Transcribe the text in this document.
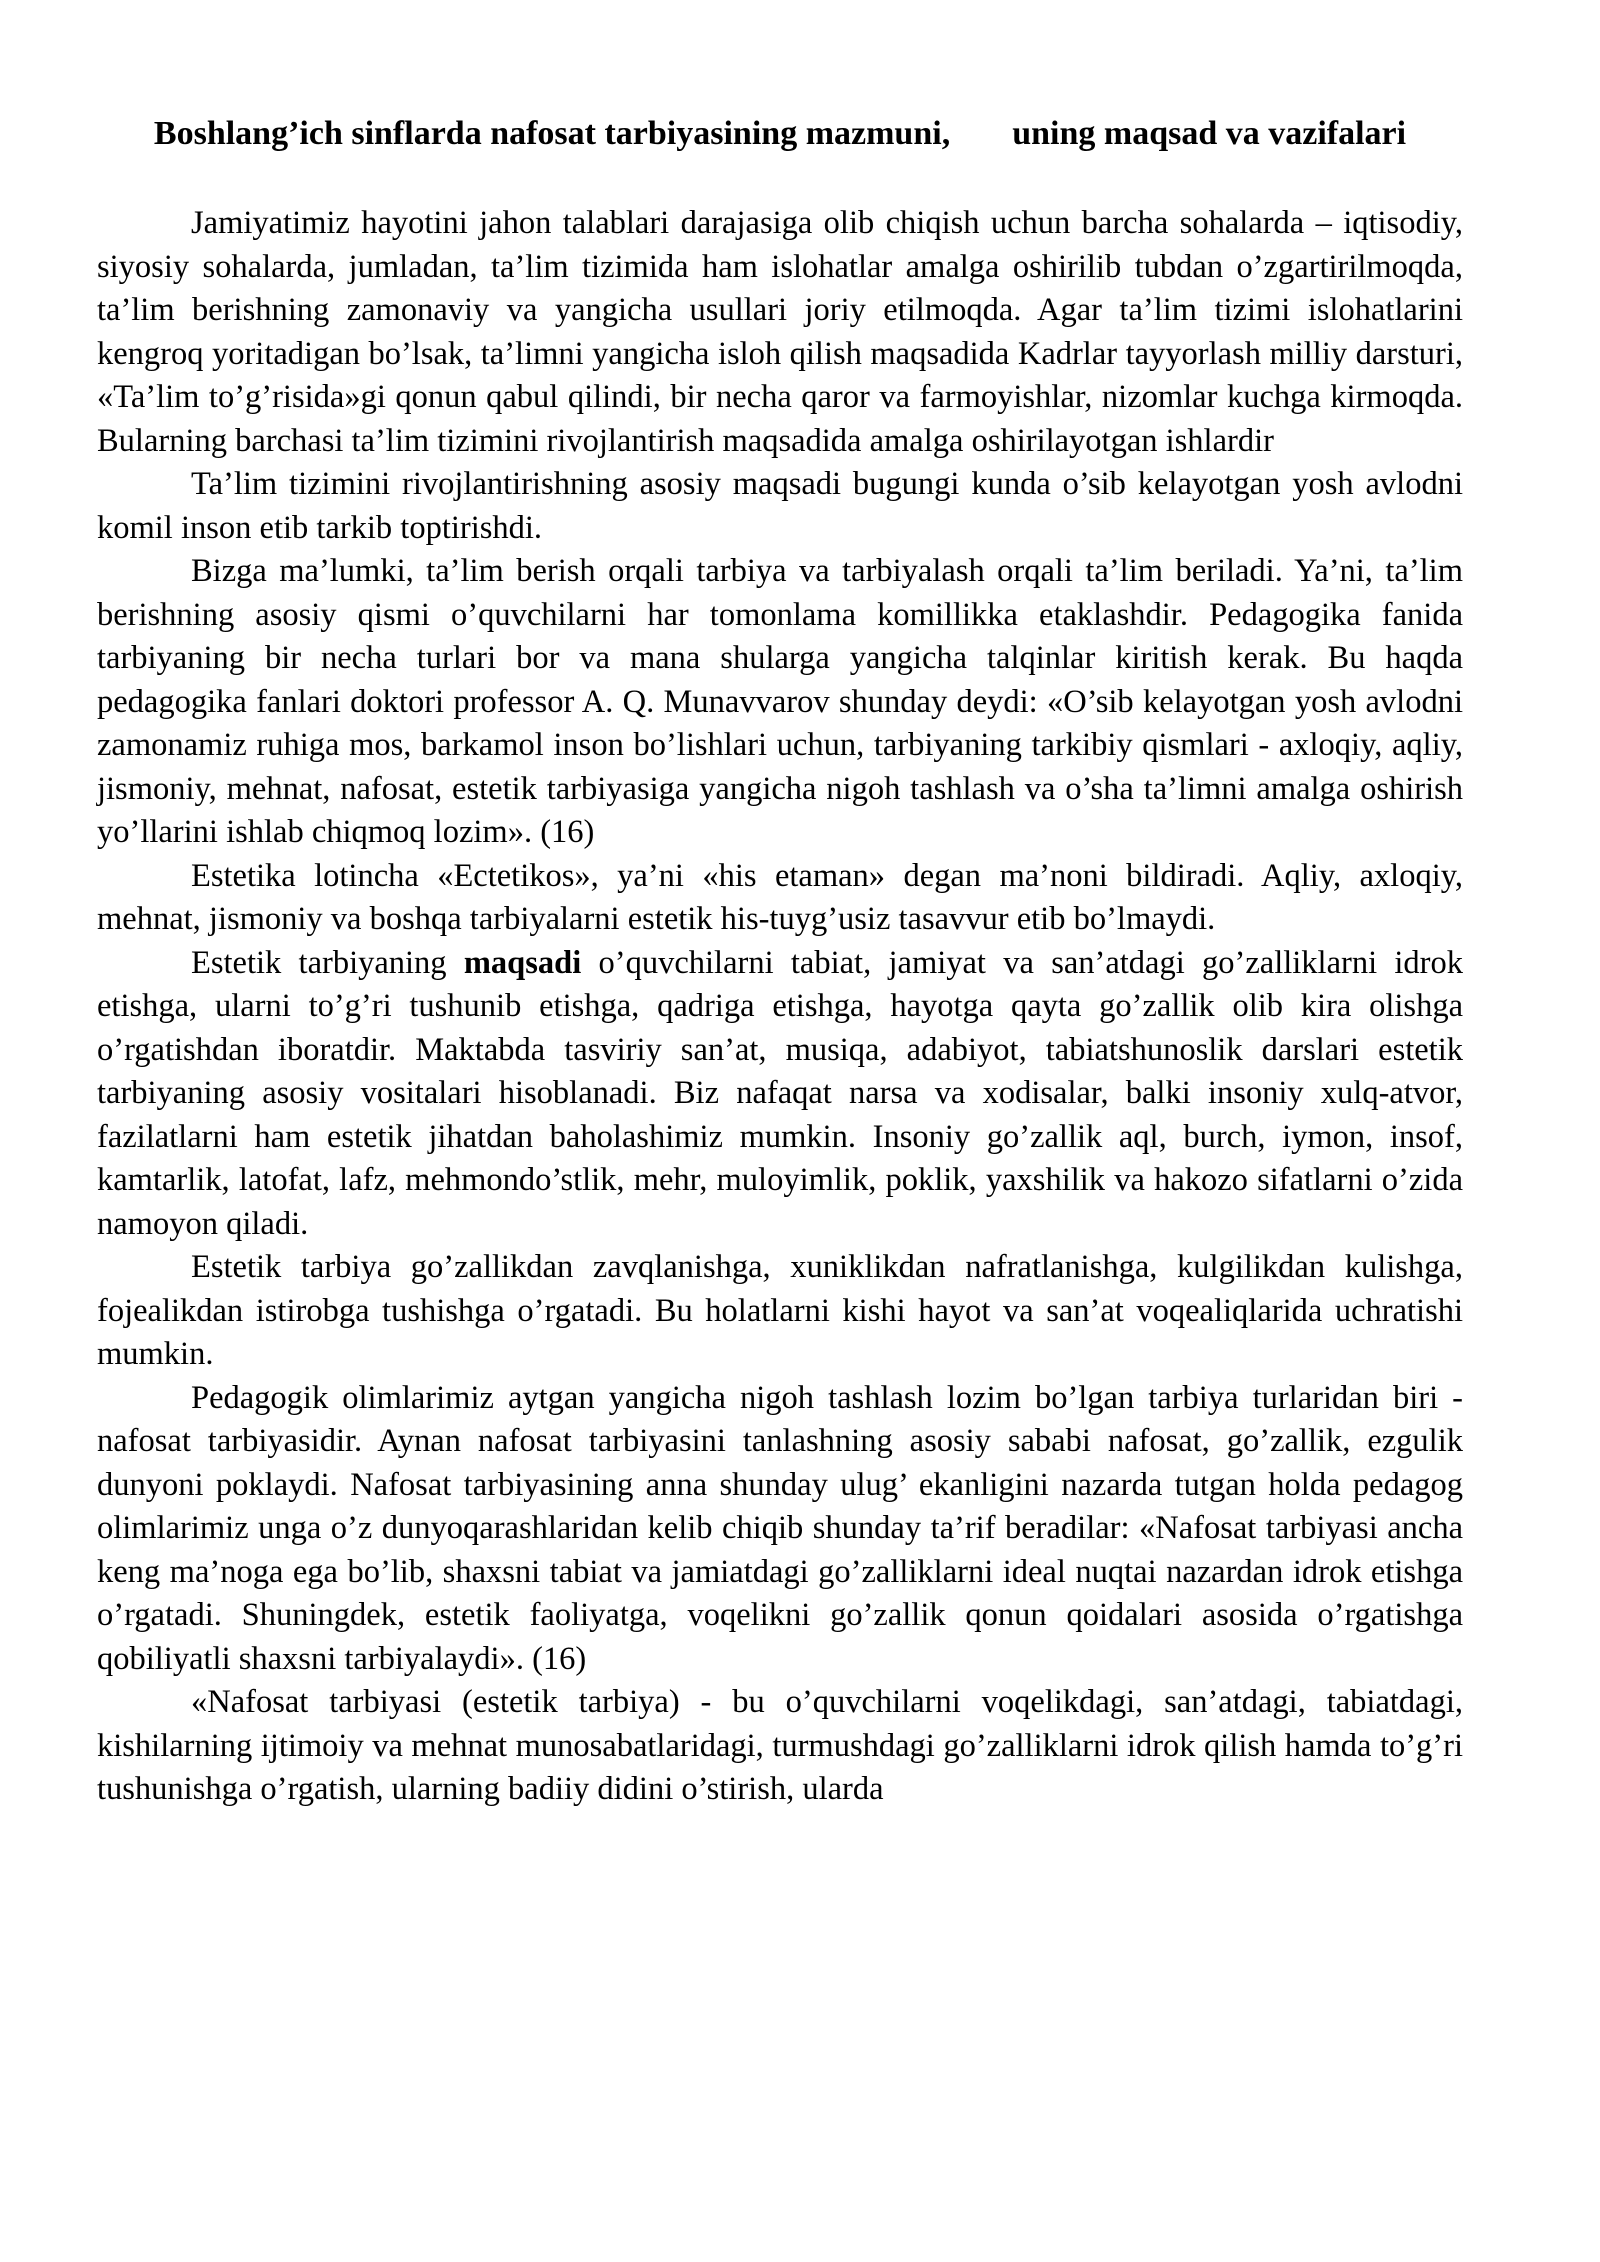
Boshlang’ich sinflarda nafosat tarbiyasining mazmuni, uning maqsad va vazifalari

Jamiyatimiz hayotini jahon talablari darajasiga olib chiqish uchun barcha sohalarda – iqtisodiy, siyosiy sohalarda, jumladan, ta’lim tizimida ham islohatlar amalga oshirilib tubdan o’zgartirilmoqda, ta’lim berishning zamonaviy va yangicha usullari joriy etilmoqda. Agar ta’lim tizimi islohatlarini kengroq yoritadigan bo’lsak, ta’limni yangicha isloh qilish maqsadida Kadrlar tayyorlash milliy darsturi, «Ta’lim to’g’risida»gi qonun qabul qilindi, bir necha qaror va farmoyishlar, nizomlar kuchga kirmoqda. Bularning barchasi ta’lim tizimini rivojlantirish maqsadida amalga oshirilayotgan ishlardir

Ta’lim tizimini rivojlantirishning asosiy maqsadi bugungi kunda o’sib kelayotgan yosh avlodni komil inson etib tarkib toptirishdi.

Bizga ma’lumki, ta’lim berish orqali tarbiya va tarbiyalash orqali ta’lim beriladi. Ya’ni, ta’lim berishning asosiy qismi o’quvchilarni har tomonlama komillikka etaklashdir. Pedagogika fanida tarbiyaning bir necha turlari bor va mana shularga yangicha talqinlar kiritish kerak. Bu haqda pedagogika fanlari doktori professor A. Q. Munavvarov shunday deydi: «O’sib kelayotgan yosh avlodni zamonamiz ruhiga mos, barkamol inson bo’lishlari uchun, tarbiyaning tarkibiy qismlari - axloqiy, aqliy, jismoniy, mehnat, nafosat, estetik tarbiyasiga yangicha nigoh tashlash va o’sha ta’limni amalga oshirish yo’llarini ishlab chiqmoq lozim». (16)

Estetika lotincha «Ectetikos», ya’ni «his etaman» degan ma’noni bildiradi. Aqliy, axloqiy, mehnat, jismoniy va boshqa tarbiyalarni estetik his-tuyg’usiz tasavvur etib bo’lmaydi.

Estetik tarbiyaning maqsadi o’quvchilarni tabiat, jamiyat va san’atdagi go’zalliklarni idrok etishga, ularni to’g’ri tushunib etishga, qadriga etishga, hayotga qayta go’zallik olib kira olishga o’rgatishdan iboratdir. Maktabda tasviriy san’at, musiqa, adabiyot, tabiatshunoslik darslari estetik tarbiyaning asosiy vositalari hisoblanadi. Biz nafaqat narsa va xodisalar, balki insoniy xulq-atvor, fazilatlarni ham estetik jihatdan baholashimiz mumkin. Insoniy go’zallik aql, burch, iymon, insof, kamtarlik, latofat, lafz, mehmondo’stlik, mehr, muloyimlik, poklik, yaxshilik va hakozo sifatlarni o’zida namoyon qiladi.

Estetik tarbiya go’zallikdan zavqlanishga, xuniklikdan nafratlanishga, kulgilikdan kulishga, fojealikdan istirobga tushishga o’rgatadi. Bu holatlarni kishi hayot va san’at voqealiqlarida uchratishi mumkin.

Pedagogik olimlarimiz aytgan yangicha nigoh tashlash lozim bo’lgan tarbiya turlaridan biri - nafosat tarbiyasidir. Aynan nafosat tarbiyasini tanlashning asosiy sababi nafosat, go’zallik, ezgulik dunyoni poklaydi. Nafosat tarbiyasining anna shunday ulug’ ekanligini nazarda tutgan holda pedagog olimlarimiz unga o’z dunyoqarashlaridan kelib chiqib shunday ta’rif beradilar: «Nafosat tarbiyasi ancha keng ma’noga ega bo’lib, shaxsni tabiat va jamiatdagi go’zalliklarni ideal nuqtai nazardan idrok etishga o’rgatadi. Shuningdek, estetik faoliyatga, voqelikni go’zallik qonun qoidalari asosida o’rgatishga qobiliyatli shaxsni tarbiyalaydi». (16)

«Nafosat tarbiyasi (estetik tarbiya) - bu o’quvchilarni voqelikdagi, san’atdagi, tabiatdagi, kishilarning ijtimoiy va mehnat munosabatlaridagi, turmushdagi go’zalliklarni idrok qilish hamda to’g’ri tushunishga o’rgatish, ularning badiiy didini o’stirish, ularda
